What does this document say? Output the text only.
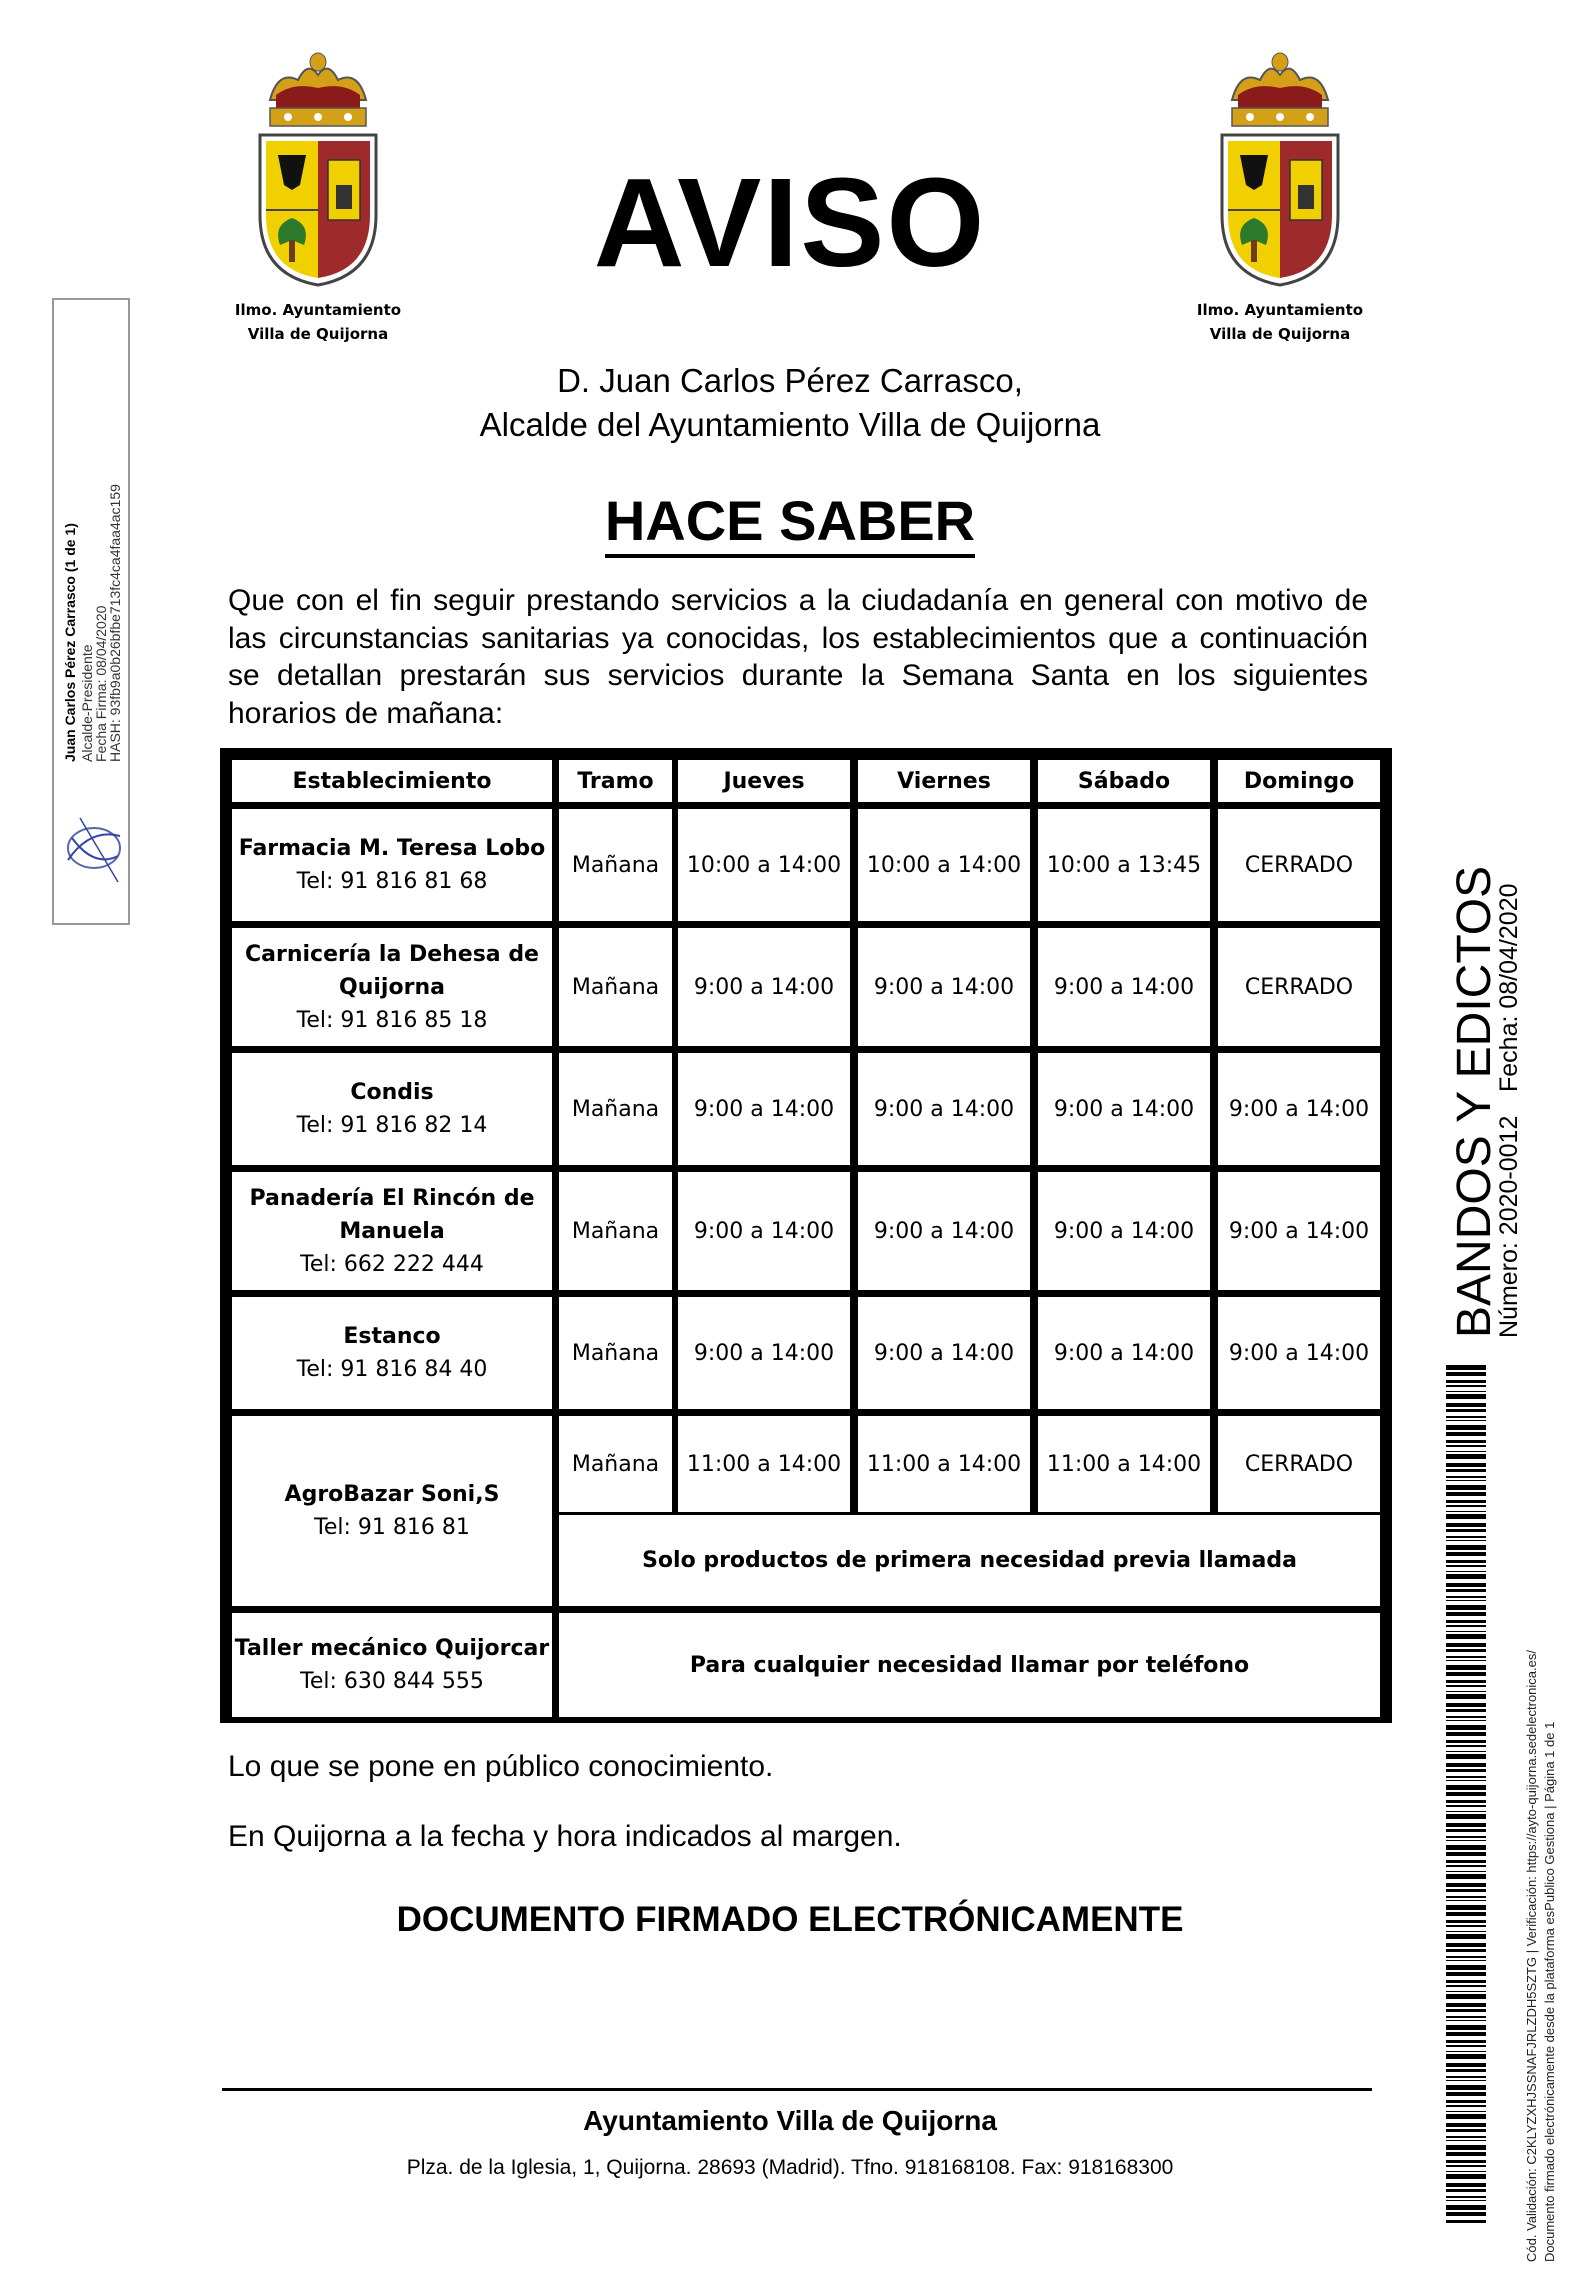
Ilmo. Ayuntamiento
Villa de Quijorna
Ilmo. Ayuntamiento
Villa de Quijorna
AVISO
D. Juan Carlos Pérez Carrasco,
Alcalde del Ayuntamiento Villa de Quijorna
HACE SABER
Que con el fin seguir prestando servicios a la ciudadanía en general con motivo de las circunstancias sanitarias ya conocidas, los establecimientos que a continuación se detallan prestarán sus servicios durante la Semana Santa en los siguientes horarios de mañana:
Establecimiento	Tramo	Jueves	Viernes	Sábado	Domingo
Farmacia M. Teresa Lobo
Tel: 91 816 81 68
Mañana	10:00 a 14:00	10:00 a 14:00	10:00 a 13:45	CERRADO
Carnicería la Dehesa de
Quijorna
Tel: 91 816 85 18
Mañana	9:00 a 14:00	9:00 a 14:00	9:00 a 14:00	CERRADO
Condis
Tel: 91 816 82 14
Mañana	9:00 a 14:00	9:00 a 14:00	9:00 a 14:00	9:00 a 14:00
Panadería El Rincón de
Manuela
Tel: 662 222 444
Mañana	9:00 a 14:00	9:00 a 14:00	9:00 a 14:00	9:00 a 14:00
Estanco
Tel: 91 816 84 40
Mañana	9:00 a 14:00	9:00 a 14:00	9:00 a 14:00	9:00 a 14:00
AgroBazar Soni,S
Tel: 91 816 81
Mañana	11:00 a 14:00	11:00 a 14:00	11:00 a 14:00	CERRADO
Solo productos de primera necesidad previa llamada
Taller mecánico Quijorcar
Tel: 630 844 555
Para cualquier necesidad llamar por teléfono
Lo que se pone en público conocimiento.
En Quijorna a la fecha y hora indicados al margen.
DOCUMENTO FIRMADO ELECTRÓNICAMENTE
Ayuntamiento Villa de Quijorna
Plza. de la Iglesia, 1, Quijorna. 28693 (Madrid). Tfno. 918168108. Fax: 918168300
Juan Carlos Pérez Carrasco (1 de 1) Alcalde-Presidente
Fecha Firma: 08/04/2020
HASH: 93fb9a0b26bfbe713fc4ca4faa4ac159
BANDOS Y EDICTOS
Número: 2020-0012
Fecha: 08/04/2020
Cód. Validación: C2KLYZXHJSSNAFJRLZDH5SZTG | Verificación: https://ayto-quijorna.sedelectronica.es/ Documento firmado electrónicamente desde la plataforma esPublico Gestiona | Página 1 de 1
